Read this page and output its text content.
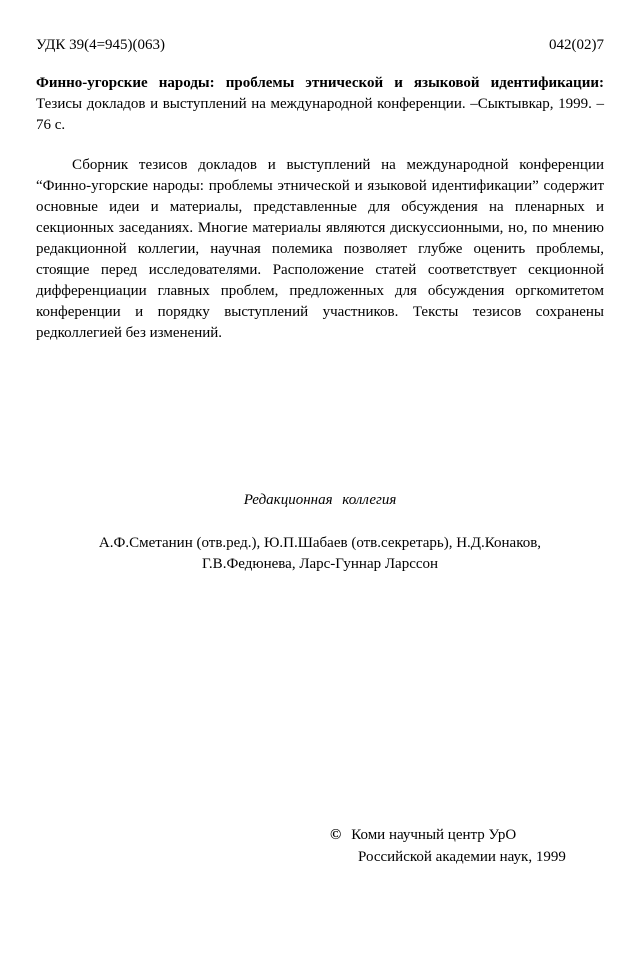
УДК 39(4=945)(063)	042(02)7
Финно-угорские народы: проблемы этнической и языковой идентификации: Тезисы докладов и выступлений на международной конференции. –Сыктывкар, 1999. –76 с.
Сборник тезисов докладов и выступлений на международной конференции “Финно-угорские народы: проблемы этнической и языковой идентификации” содержит основные идеи и материалы, представленные для обсуждения на пленарных и секционных заседаниях. Многие материалы являются дискуссионными, но, по мнению редакционной коллегии, научная полемика позволяет глубже оценить проблемы, стоящие перед исследователями. Расположение статей соответствует секционной дифференциации главных проблем, предложенных для обсуждения оргкомитетом конференции и порядку выступлений участников. Тексты тезисов сохранены редколлегией без изменений.
Редакционная коллегия
А.Ф.Сметанин (отв.ред.), Ю.П.Шабаев (отв.секретарь), Н.Д.Конаков,
Г.В.Федюнева, Ларс-Гуннар Ларссон
© Коми научный центр УрО
Российской академии наук, 1999
